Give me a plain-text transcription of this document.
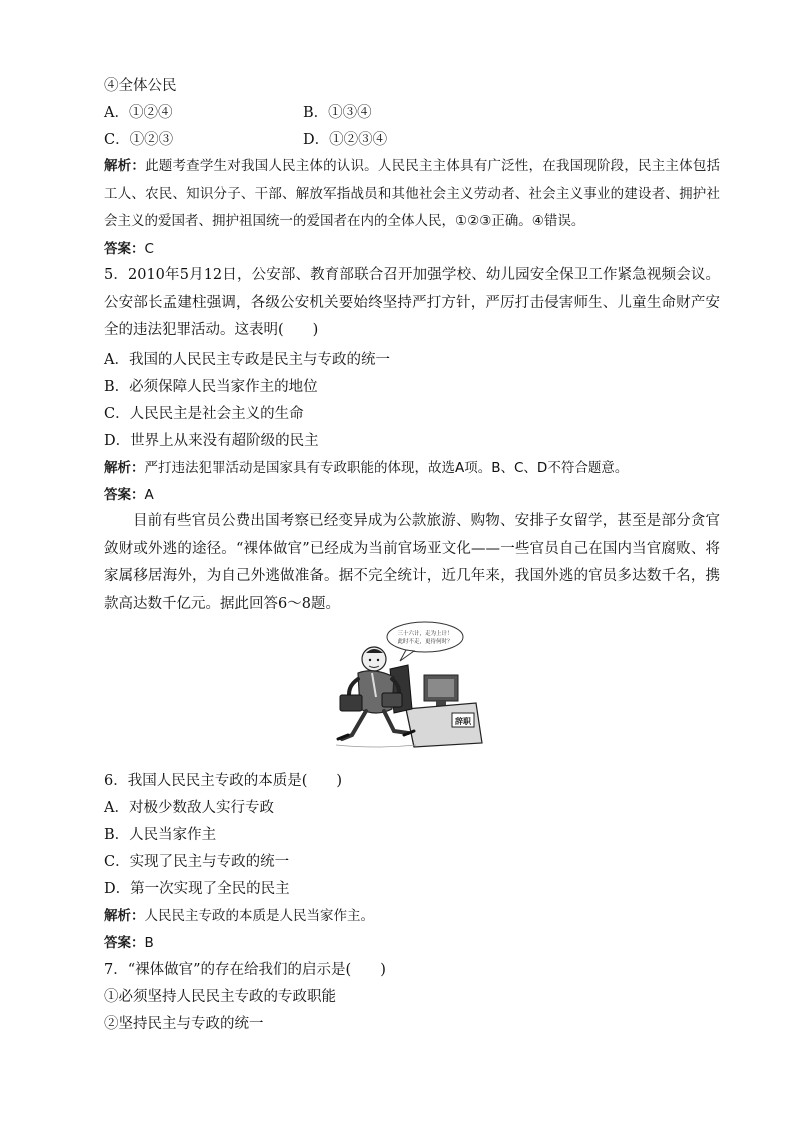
④全体公民
A．①②④	B．①③④
C．①②③	D．①②③④
解析：此题考查学生对我国人民主体的认识。人民民主主体具有广泛性，在我国现阶段，民主主体包括工人、农民、知识分子、干部、解放军指战员和其他社会主义劳动者、社会主义事业的建设者、拥护社会主义的爱国者、拥护祖国统一的爱国者在内的全体人民，①②③正确。④错误。
答案：C
5．2010年5月12日，公安部、教育部联合召开加强学校、幼儿园安全保卫工作紧急视频会议。公安部长孟建柱强调，各级公安机关要始终坚持严打方针，严厉打击侵害师生、儿童生命财产安全的违法犯罪活动。这表明(　　)
A．我国的人民民主专政是民主与专政的统一
B．必须保障人民当家作主的地位
C．人民民主是社会主义的生命
D．世界上从来没有超阶级的民主
解析：严打违法犯罪活动是国家具有专政职能的体现，故选A项。B、C、D不符合题意。
答案：A
目前有些官员公费出国考察已经变异成为公款旅游、购物、安排子女留学，甚至是部分贪官敛财或外逃的途径。“裸体做官”已经成为当前官场亚文化——一些官员自己在国内当官腐败、将家属移居海外，为自己外逃做准备。据不完全统计，近几年来，我国外逃的官员多达数千名，携款高达数千亿元。据此回答6～8题。
三十六计，走为上计！
此时不走，更待何时？
辞职
6．我国人民民主专政的本质是(　　)
A．对极少数敌人实行专政
B．人民当家作主
C．实现了民主与专政的统一
D．第一次实现了全民的民主
解析：人民民主专政的本质是人民当家作主。
答案：B
7．“裸体做官”的存在给我们的启示是(　　)
①必须坚持人民民主专政的专政职能
②坚持民主与专政的统一
